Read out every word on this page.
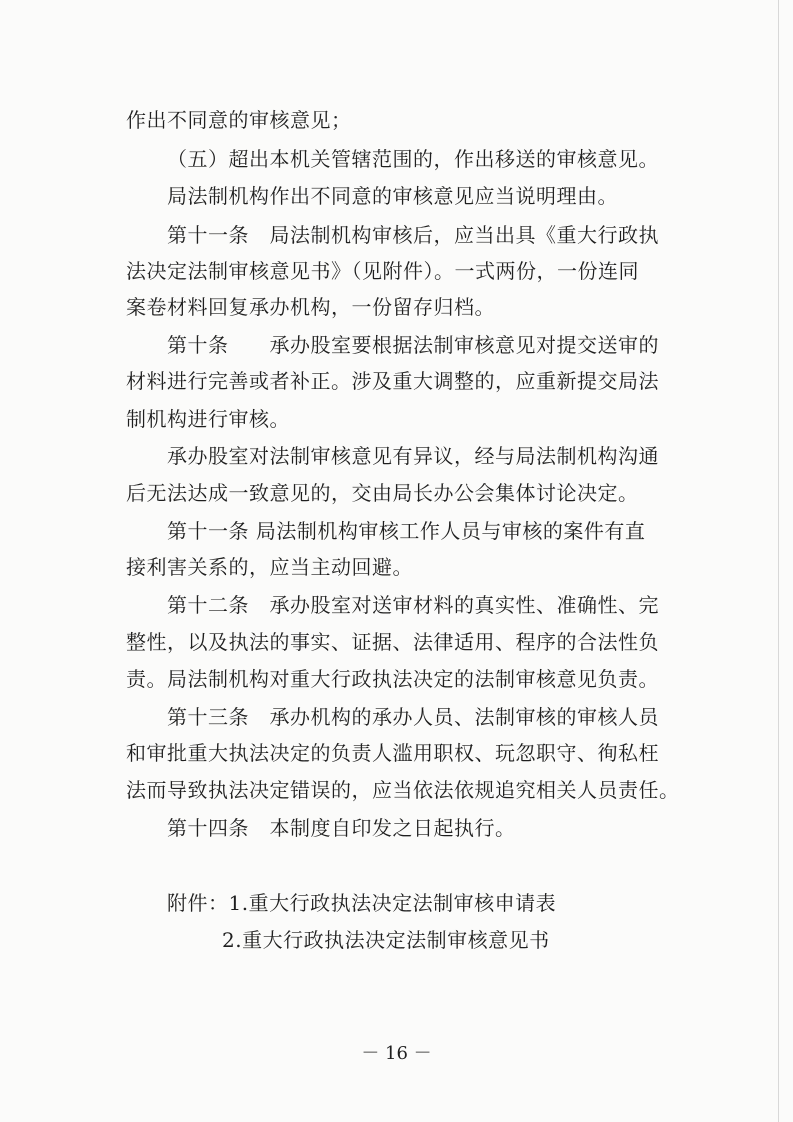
作出不同意的审核意见；
（五）超出本机关管辖范围的，作出移送的审核意见。
局法制机构作出不同意的审核意见应当说明理由。
第十一条　局法制机构审核后，应当出具《重大行政执
法决定法制审核意见书》（见附件）。一式两份，一份连同
案卷材料回复承办机构，一份留存归档。
第十条　　承办股室要根据法制审核意见对提交送审的
材料进行完善或者补正。涉及重大调整的，应重新提交局法
制机构进行审核。
承办股室对法制审核意见有异议，经与局法制机构沟通
后无法达成一致意见的，交由局长办公会集体讨论决定。
第十一条 局法制机构审核工作人员与审核的案件有直
接利害关系的，应当主动回避。
第十二条　承办股室对送审材料的真实性、准确性、完
整性，以及执法的事实、证据、法律适用、程序的合法性负
责。局法制机构对重大行政执法决定的法制审核意见负责。
第十三条　承办机构的承办人员、法制审核的审核人员
和审批重大执法决定的负责人滥用职权、玩忽职守、徇私枉
法而导致执法决定错误的，应当依法依规追究相关人员责任。
第十四条　本制度自印发之日起执行。
附件：1.重大行政执法决定法制审核申请表
2.重大行政执法决定法制审核意见书
－ 16 －
